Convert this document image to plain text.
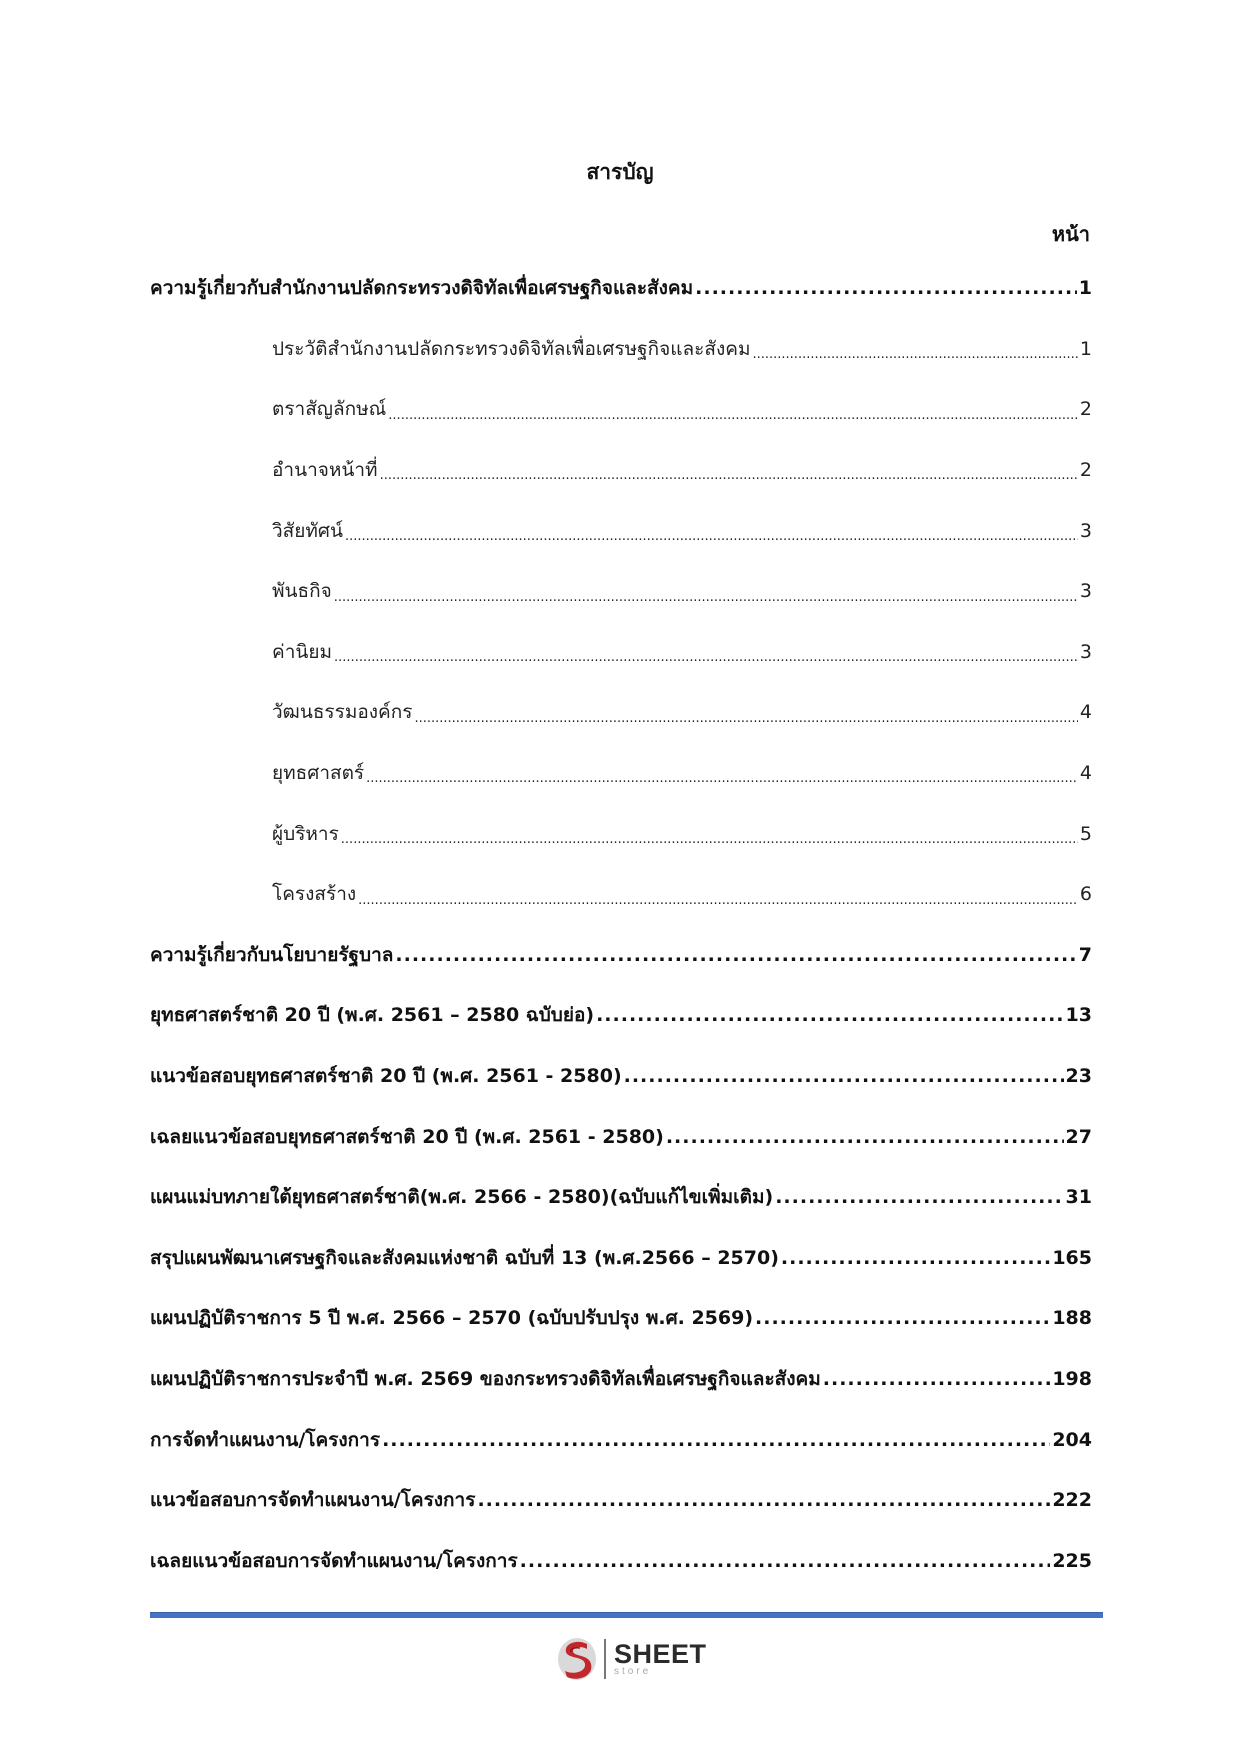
สารบัญ
หน้า
ความรู้เกี่ยวกับสำนักงานปลัดกระทรวงดิจิทัลเพื่อเศรษฐกิจและสังคม .....	1
ประวัติสำนักงานปลัดกระทรวงดิจิทัลเพื่อเศรษฐกิจและสังคม .....	1
ตราสัญลักษณ์ .....	2
อำนาจหน้าที่ .....	2
วิสัยทัศน์ .....	3
พันธกิจ .....	3
ค่านิยม .....	3
วัฒนธรรมองค์กร .....	4
ยุทธศาสตร์ .....	4
ผู้บริหาร .....	5
โครงสร้าง .....	6
ความรู้เกี่ยวกับนโยบายรัฐบาล .....	7
ยุทธศาสตร์ชาติ 20 ปี (พ.ศ. 2561 – 2580 ฉบับย่อ) .....	13
แนวข้อสอบยุทธศาสตร์ชาติ 20 ปี (พ.ศ. 2561 - 2580) .....	23
เฉลยแนวข้อสอบยุทธศาสตร์ชาติ 20 ปี (พ.ศ. 2561 - 2580) .....	27
แผนแม่บทภายใต้ยุทธศาสตร์ชาติ(พ.ศ. 2566 - 2580)(ฉบับแก้ไขเพิ่มเติม) .....	31
สรุปแผนพัฒนาเศรษฐกิจและสังคมแห่งชาติ ฉบับที่ 13 (พ.ศ.2566 – 2570) .....	165
แผนปฏิบัติราชการ 5 ปี พ.ศ. 2566 – 2570 (ฉบับปรับปรุง พ.ศ. 2569) .....	188
แผนปฏิบัติราชการประจำปี พ.ศ. 2569 ของกระทรวงดิจิทัลเพื่อเศรษฐกิจและสังคม .....	198
การจัดทำแผนงาน/โครงการ .....	204
แนวข้อสอบการจัดทำแผนงาน/โครงการ .....	222
เฉลยแนวข้อสอบการจัดทำแผนงาน/โครงการ .....	225
SHEET
store
